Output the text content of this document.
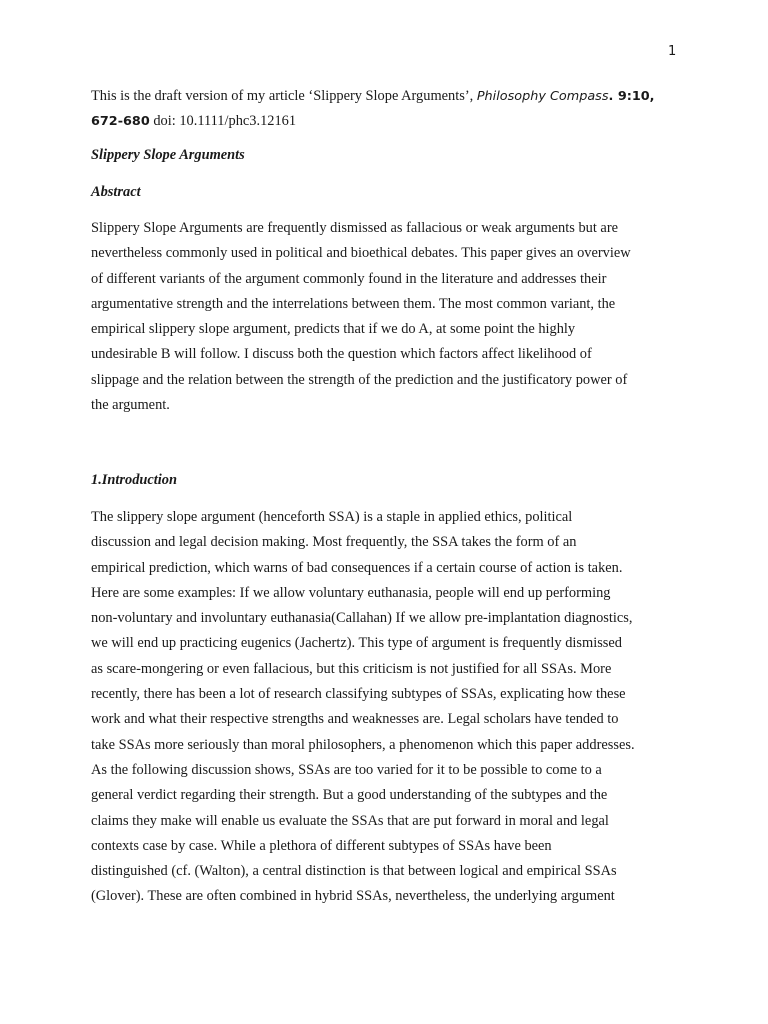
1
This is the draft version of my article ‘Slippery Slope Arguments’, Philosophy Compass. 9:10,
672-680 doi: 10.1111/phc3.12161
Slippery Slope Arguments
Abstract
Slippery Slope Arguments are frequently dismissed as fallacious or weak arguments but are
nevertheless commonly used in political and bioethical debates. This paper gives an overview
of different variants of the argument commonly found in the literature and addresses their
argumentative strength and the interrelations between them. The most common variant, the
empirical slippery slope argument, predicts that if we do A, at some point the highly
undesirable B will follow. I discuss both the question which factors affect likelihood of
slippage and the relation between the strength of the prediction and the justificatory power of
the argument.
1.Introduction
The slippery slope argument (henceforth SSA) is a staple in applied ethics, political
discussion and legal decision making. Most frequently, the SSA takes the form of an
empirical prediction, which warns of bad consequences if a certain course of action is taken.
Here are some examples: If we allow voluntary euthanasia, people will end up performing
non-voluntary and involuntary euthanasia(Callahan) If we allow pre-implantation diagnostics,
we will end up practicing eugenics (Jachertz). This type of argument is frequently dismissed
as scare-mongering or even fallacious, but this criticism is not justified for all SSAs. More
recently, there has been a lot of research classifying subtypes of SSAs, explicating how these
work and what their respective strengths and weaknesses are. Legal scholars have tended to
take SSAs more seriously than moral philosophers, a phenomenon which this paper addresses.
As the following discussion shows, SSAs are too varied for it to be possible to come to a
general verdict regarding their strength. But a good understanding of the subtypes and the
claims they make will enable us evaluate the SSAs that are put forward in moral and legal
contexts case by case. While a plethora of different subtypes of SSAs have been
distinguished (cf. (Walton), a central distinction is that between logical and empirical SSAs
(Glover). These are often combined in hybrid SSAs, nevertheless, the underlying argument
